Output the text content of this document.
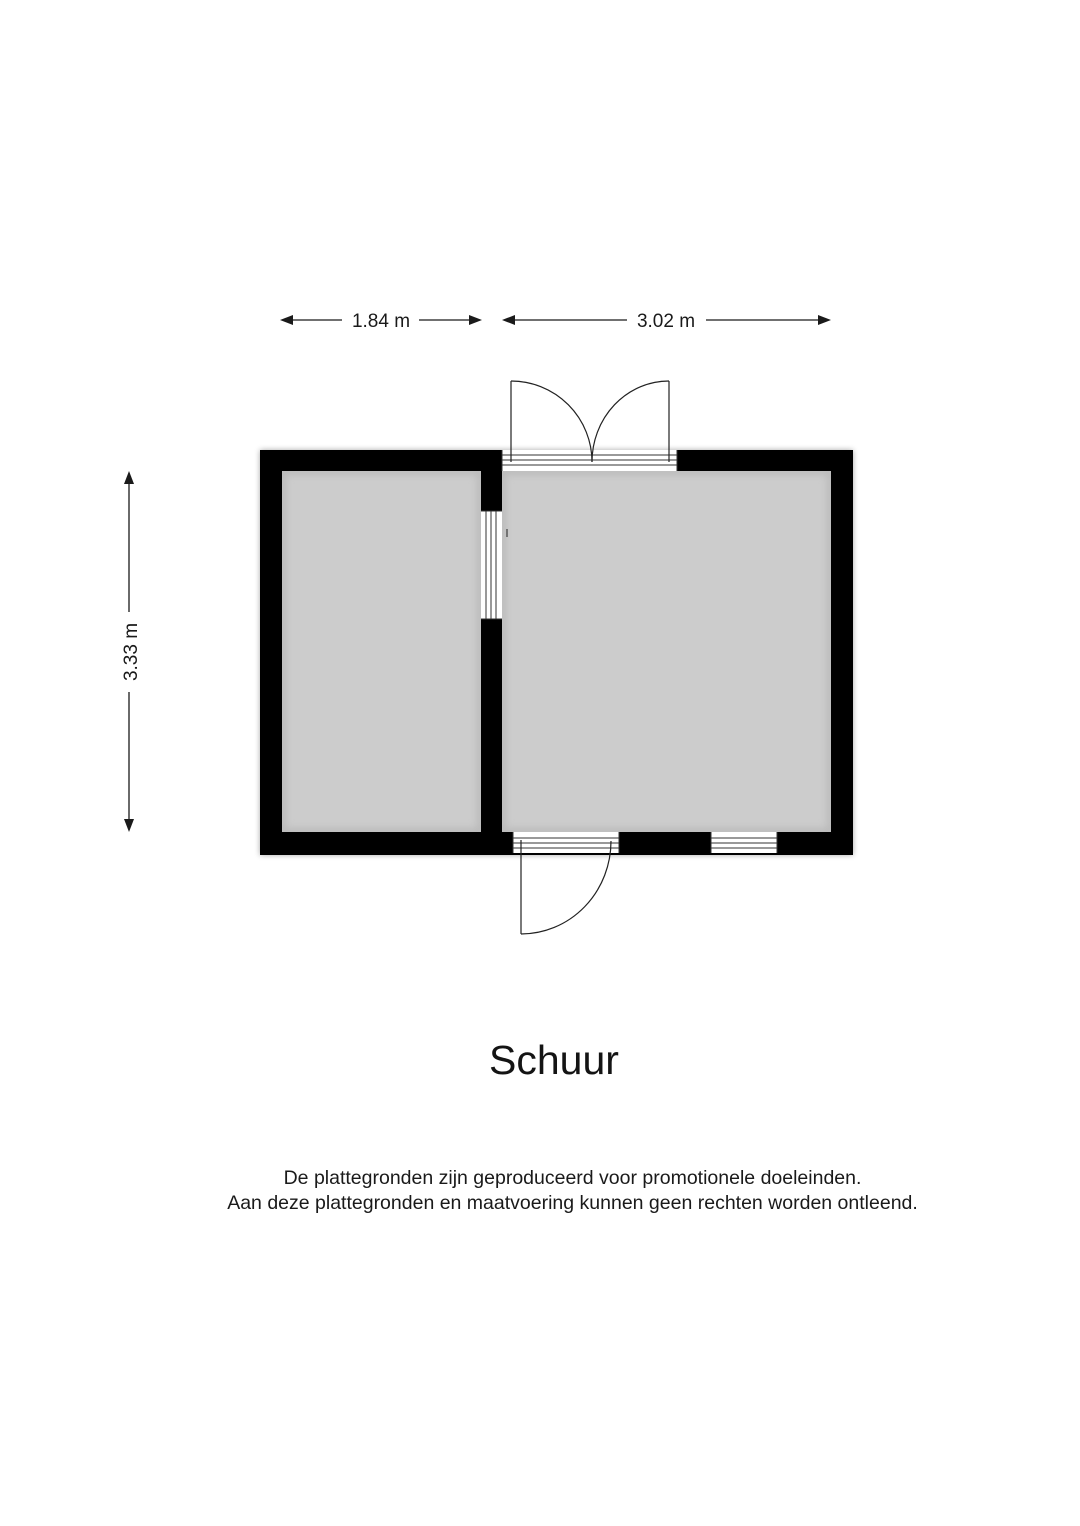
1.84 m	3.02 m
3.33 m
Schuur
De plattegronden zijn geproduceerd voor promotionele doeleinden.
Aan deze plattegronden en maatvoering kunnen geen rechten worden ontleend.
